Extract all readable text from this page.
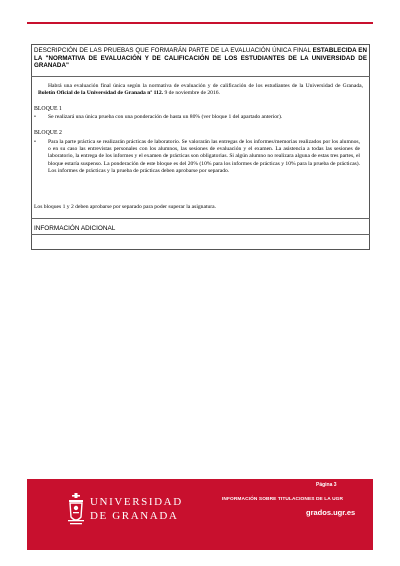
DESCRIPCIÓN DE LAS PRUEBAS QUE FORMARÁN PARTE DE LA EVALUACIÓN ÚNICA FINAL ESTABLECIDA EN LA "NORMATIVA DE EVALUACIÓN Y DE CALIFICACIÓN DE LOS ESTUDIANTES DE LA UNIVERSIDAD DE GRANADA"
Habrá una evaluación final única según la normativa de evaluación y de calificación de los estudiantes de la Universidad de Granada, Boletín Oficial de la Universidad de Granada nº 112. 9 de noviembre de 2016.
BLOQUE 1
• Se realizará una única prueba con una ponderación de hasta un 80% (ver bloque 1 del apartado anterior).
BLOQUE 2
• Para la parte práctica se realizarán prácticas de laboratorio. Se valorarán las entregas de los informes/memorias realizados por los alumnos, o en su caso las entrevistas personales con los alumnos, las sesiones de evaluación y el examen. La asistencia a todas las sesiones de laboratorio, la entrega de los informes y el examen de prácticas son obligatorias. Si algún alumno no realizara alguna de estas tres partes, el bloque estaría suspenso. La ponderación de este bloque es del 20% (10% para los informes de prácticas y 10% para la prueba de prácticas). Los informes de prácticas y la prueba de prácticas deben aprobarse por separado.
Los bloques 1 y 2 deben aprobarse por separado para poder superar la asignatura.
INFORMACIÓN ADICIONAL
UNIVERSIDAD
DE GRANADA
Página 3
INFORMACIÓN SOBRE TITULACIONES DE LA UGR
grados.ugr.es
